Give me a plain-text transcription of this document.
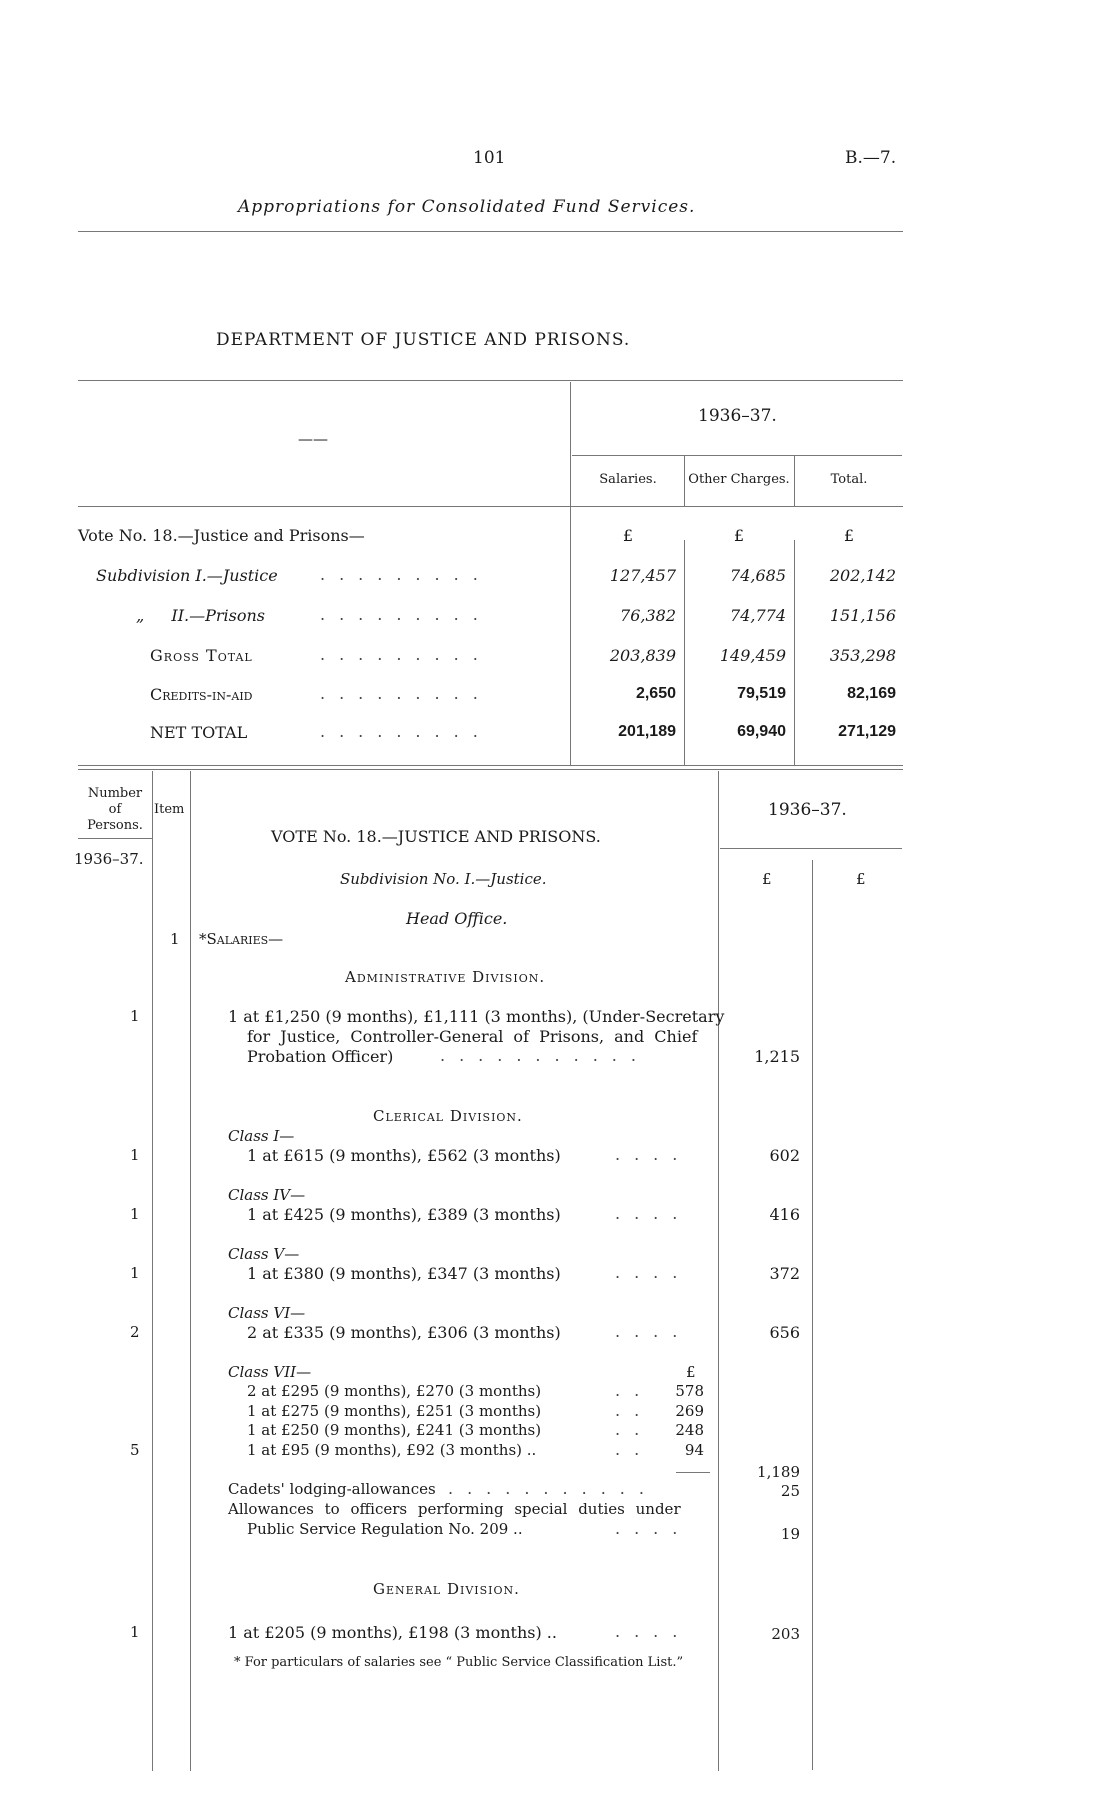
101	B.—7.
Appropriations for Consolidated Fund Services.
DEPARTMENT OF JUSTICE AND PRISONS.
——
1936–37.
Salaries.	Other Charges.	Total.
Vote No. 18.—Justice and Prisons—	£	£	£
Subdivision I.—Justice	.........	127,457	74,685	202,142
„ II.—Prisons	.........	76,382	74,774	151,156
Gross Total	.........	203,839	149,459	353,298
Credits-in-aid	.........	2,650	79,519	82,169
NET TOTAL	.........	201,189	69,940	271,129
Number
of
Persons.
Item
1936–37.
1936–37.
£	£
VOTE No. 18.—JUSTICE AND PRISONS.
Subdivision No. I.—Justice.
Head Office.
1 *Salaries—
Administrative Division.
1	1 at £1,250 (9 months), £1,111 (3 months), (Under-Secretary
for Justice, Controller-General of Prisons, and Chief
Probation Officer)	...........	1,215
Clerical Division.
Class I—
1	1 at £615 (9 months), £562 (3 months)	....	602
Class IV—
1	1 at £425 (9 months), £389 (3 months)	....	416
Class V—
1	1 at £380 (9 months), £347 (3 months)	....	372
Class VI—
2	2 at £335 (9 months), £306 (3 months)	....	656
Class VII—	£
2 at £295 (9 months), £270 (3 months)	..	578
1 at £275 (9 months), £251 (3 months)	..	269
1 at £250 (9 months), £241 (3 months)	..	248
5	1 at £95 (9 months), £92 (3 months) ..	..	94
1,189
Cadets' lodging-allowances ...........	25
Allowances to officers performing special duties under
Public Service Regulation No. 209 ..	....	19
General Division.
1	1 at £205 (9 months), £198 (3 months) ..	....	203
* For particulars of salaries see “ Public Service Classification List.”
